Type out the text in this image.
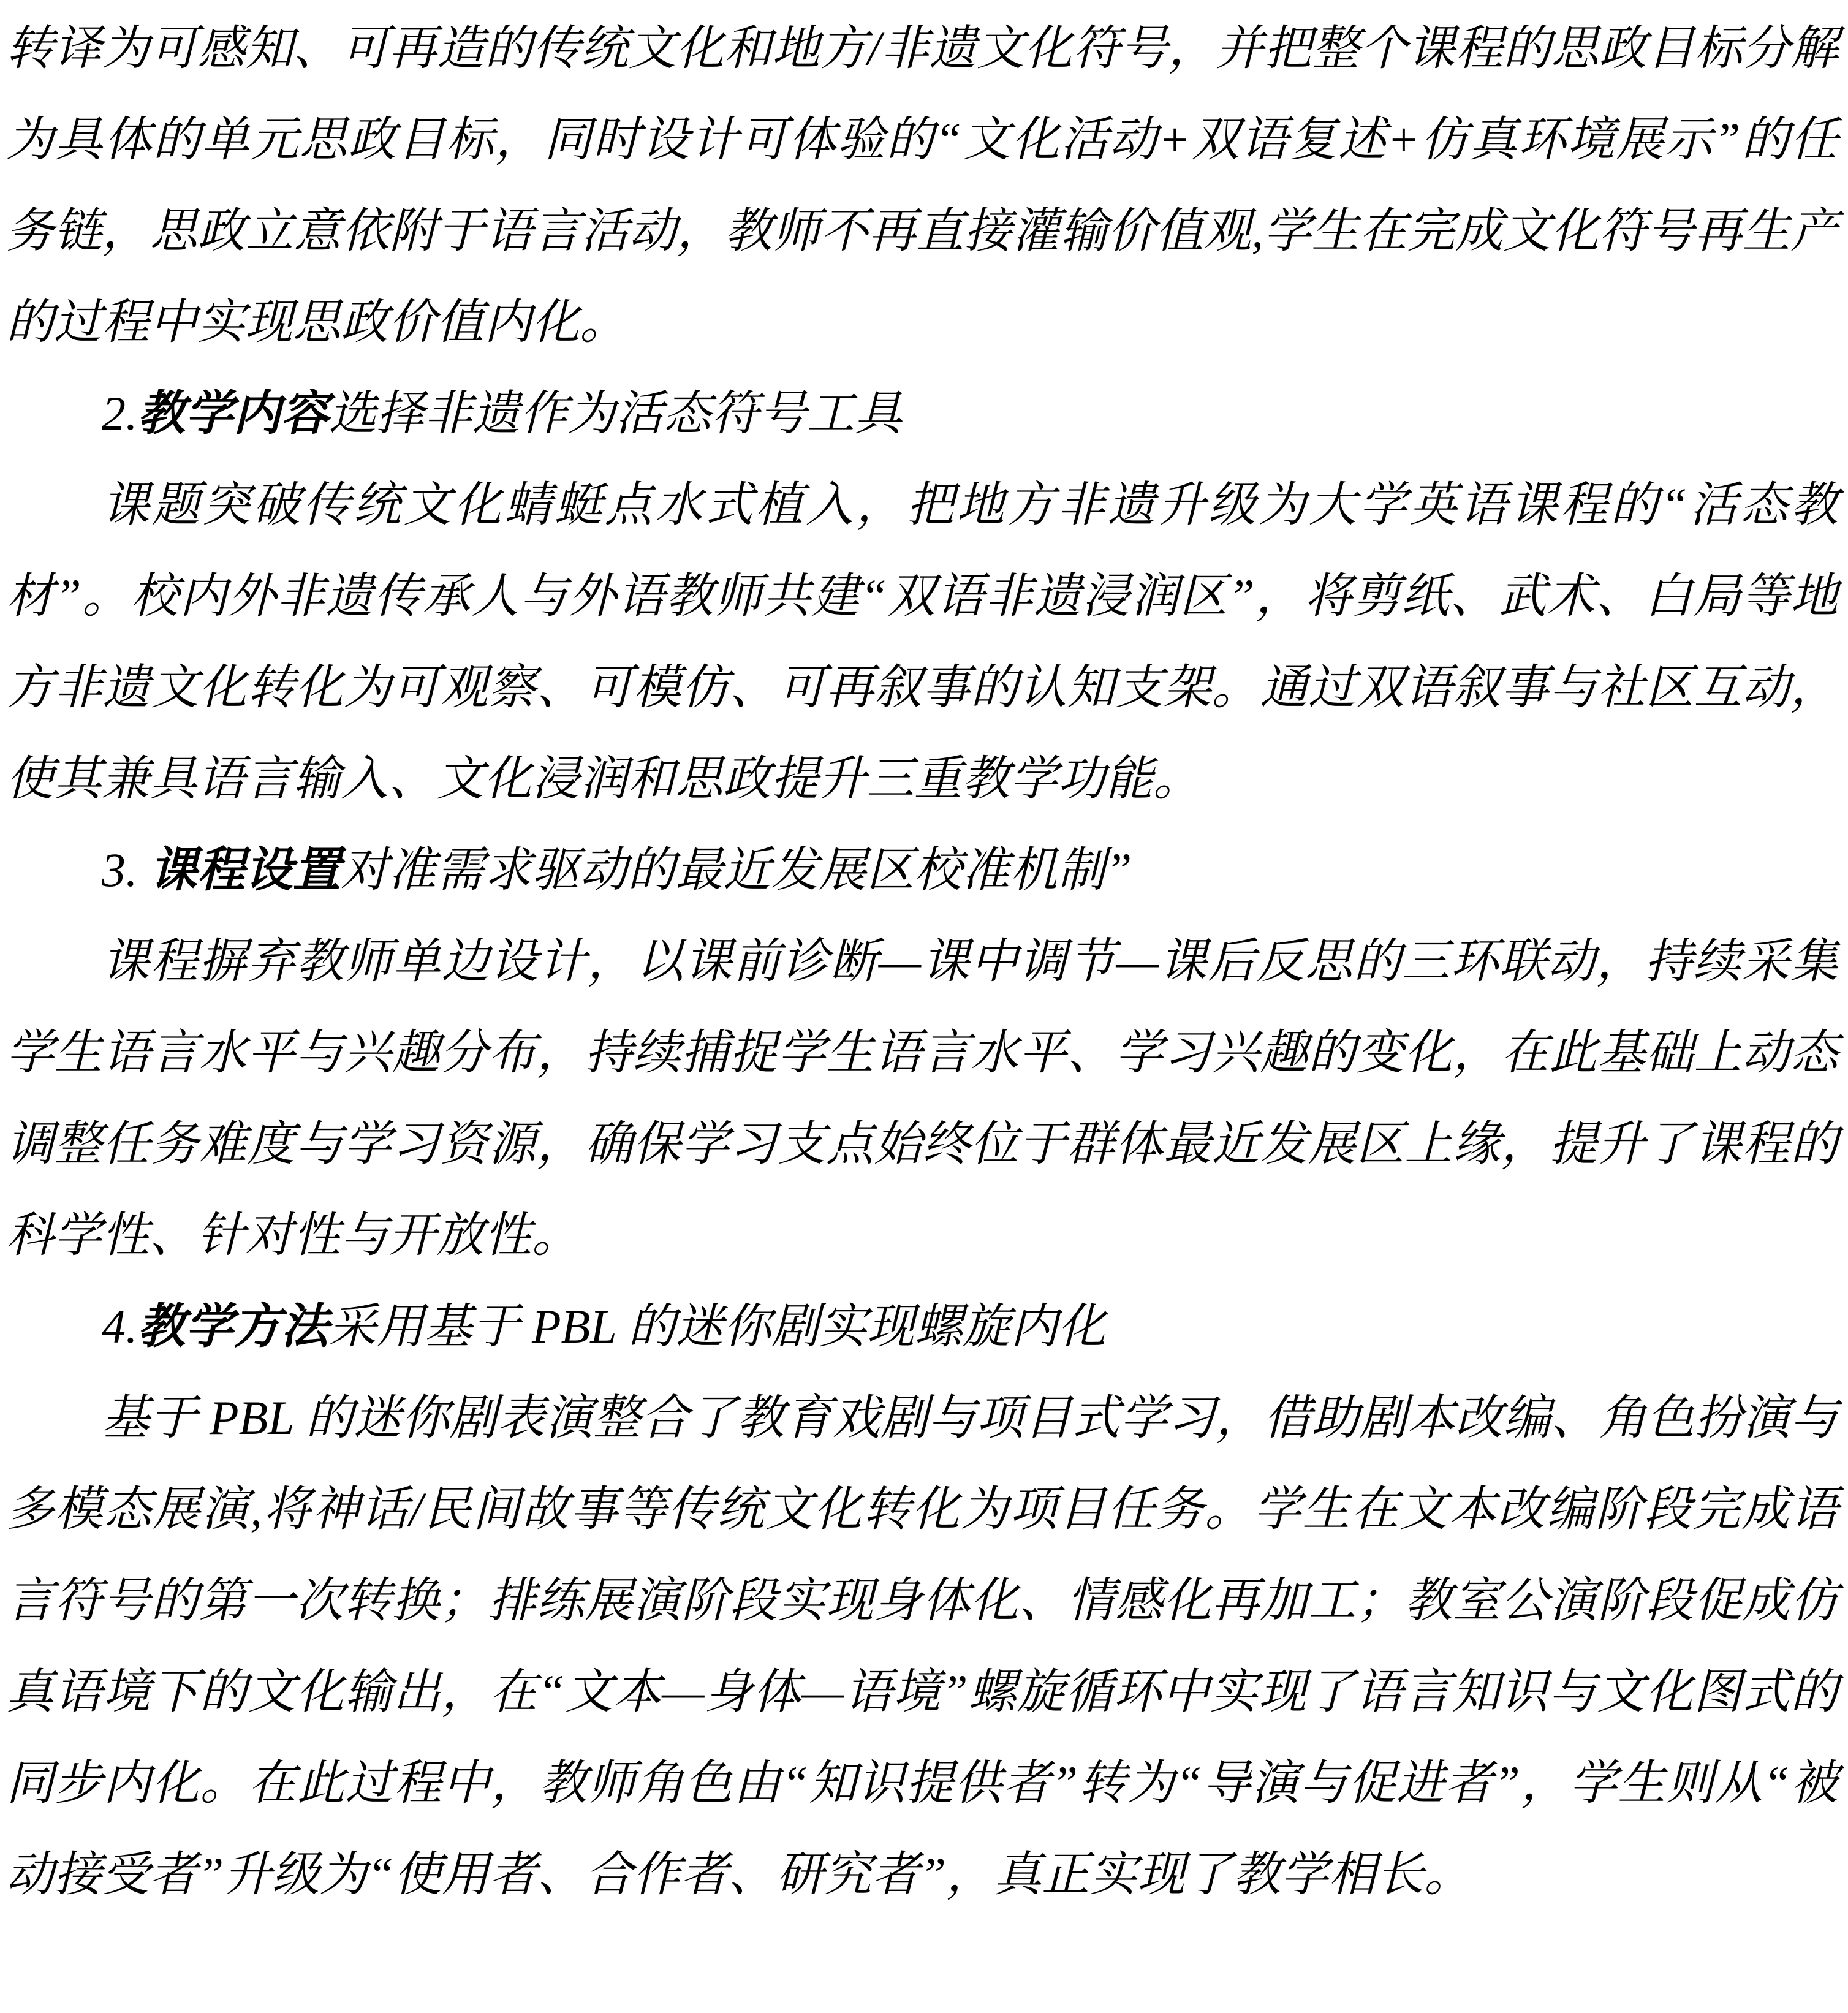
转译为可感知、可再造的传统文化和地方/非遗文化符号，并把整个课程的思政目标分解为具体的单元思政目标，同时设计可体验的“文化活动+双语复述+仿真环境展示”的任务链，思政立意依附于语言活动，教师不再直接灌输价值观,学生在完成文化符号再生产的过程中实现思政价值内化。

2.教学内容选择非遗作为活态符号工具

课题突破传统文化蜻蜓点水式植入，把地方非遗升级为大学英语课程的“活态教材”。校内外非遗传承人与外语教师共建“双语非遗浸润区”，将剪纸、武术、白局等地方非遗文化转化为可观察、可模仿、可再叙事的认知支架。通过双语叙事与社区互动，使其兼具语言输入、文化浸润和思政提升三重教学功能。

3. 课程设置对准需求驱动的最近发展区校准机制”

课程摒弃教师单边设计，以课前诊断—课中调节—课后反思的三环联动，持续采集学生语言水平与兴趣分布，持续捕捉学生语言水平、学习兴趣的变化，在此基础上动态调整任务难度与学习资源，确保学习支点始终位于群体最近发展区上缘，提升了课程的科学性、针对性与开放性。

4.教学方法采用基于 PBL 的迷你剧实现螺旋内化

基于 PBL 的迷你剧表演整合了教育戏剧与项目式学习，借助剧本改编、角色扮演与多模态展演,将神话/民间故事等传统文化转化为项目任务。学生在文本改编阶段完成语言符号的第一次转换；排练展演阶段实现身体化、情感化再加工；教室公演阶段促成仿真语境下的文化输出，在“文本—身体—语境”螺旋循环中实现了语言知识与文化图式的同步内化。在此过程中，教师角色由“知识提供者”转为“导演与促进者”，学生则从“被动接受者”升级为“使用者、合作者、研究者”，真正实现了教学相长。
